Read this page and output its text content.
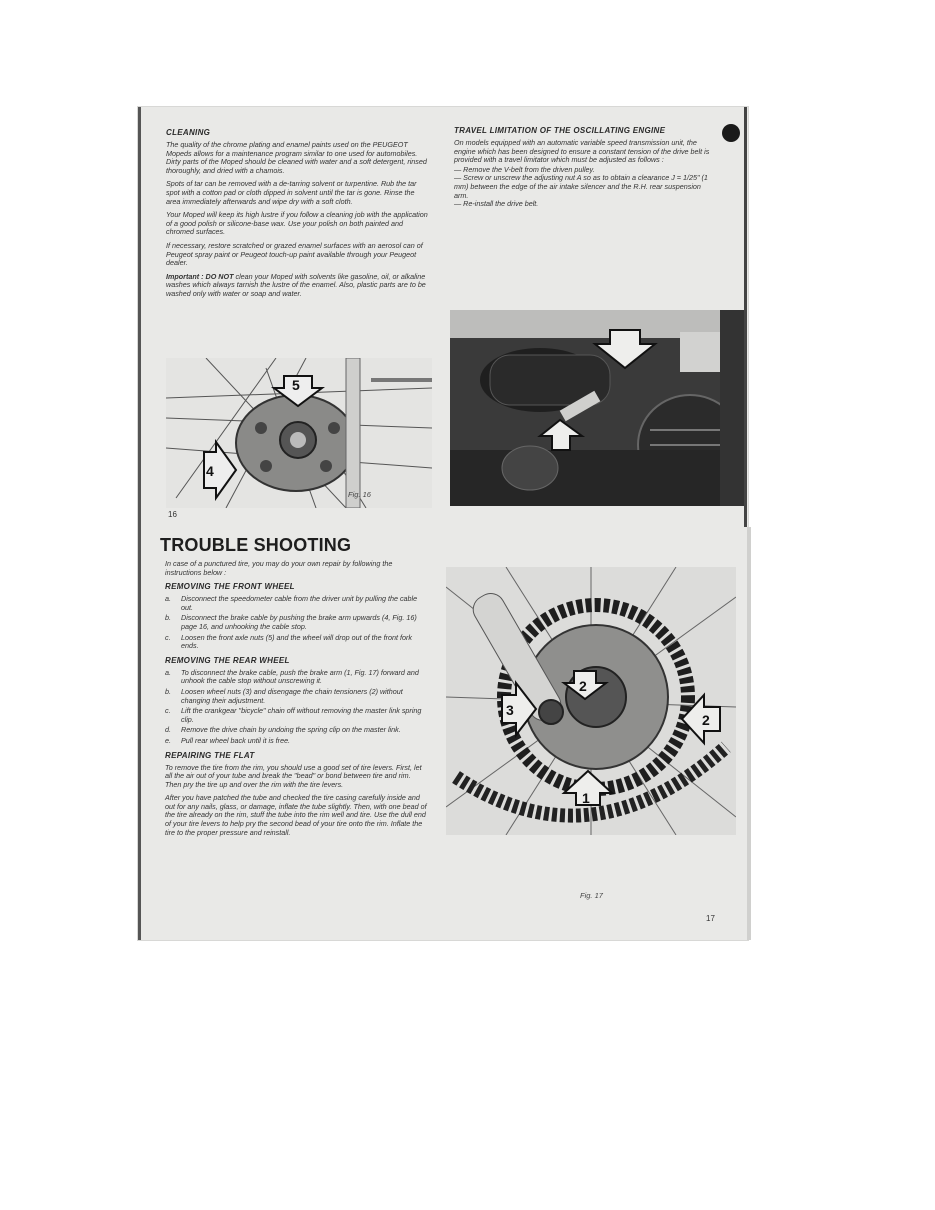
CLEANING

The quality of the chrome plating and enamel paints used on the PEUGEOT Mopeds allows for a maintenance program similar to one used for automobiles. Dirty parts of the Moped should be cleaned with water and a soft detergent, rinsed thoroughly, and dried with a chamois.

Spots of tar can be removed with a de-tarring solvent or turpentine. Rub the tar spot with a cotton pad or cloth dipped in solvent until the tar is gone. Rinse the area immediately afterwards and wipe dry with a soft cloth.

Your Moped will keep its high lustre if you follow a cleaning job with the application of a good polish or silicone-base wax. Use your polish on both painted and chromed surfaces.

If necessary, restore scratched or grazed enamel surfaces with an aerosol can of Peugeot spray paint or Peugeot touch-up paint available through your Peugeot dealer.

Important : DO NOT clean your Moped with solvents like gasoline, oil, or alkaline washes which always tarnish the lustre of the enamel. Also, plastic parts are to be washed only with water or soap and water.

5
4
Fig. 16
16
TRAVEL LIMITATION OF THE OSCILLATING ENGINE

On models equipped with an automatic variable speed transmission unit, the engine which has been designed to ensure a constant tension of the drive belt is provided with a travel limitator which must be adjusted as follows :

— Remove the V-belt from the driven pulley.

— Screw or unscrew the adjusting nut A so as to obtain a clearance J = 1/25" (1 mm) between the edge of the air intake silencer and the R.H. rear suspension arm.

— Re-install the drive belt.

TROUBLE SHOOTING

In case of a punctured tire, you may do your own repair by following the instructions below :

REMOVING THE FRONT WHEEL
a. Disconnect the speedometer cable from the driver unit by pulling the cable out.
b. Disconnect the brake cable by pushing the brake arm upwards (4, Fig. 16) page 16, and unhooking the cable stop.
c. Loosen the front axle nuts (5) and the wheel will drop out of the front fork ends.
REMOVING THE REAR WHEEL
a. To disconnect the brake cable, push the brake arm (1, Fig. 17) forward and unhook the cable stop without unscrewing it.
b. Loosen wheel nuts (3) and disengage the chain tensioners (2) without changing their adjustment.
c. Lift the crankgear "bicycle" chain off without removing the master link spring clip.
d. Remove the drive chain by undoing the spring clip on the master link.
e. Pull rear wheel back until it is free.
REPAIRING THE FLAT

To remove the tire from the rim, you should use a good set of tire levers. First, let all the air out of your tube and break the "bead" or bond between tire and rim. Then pry the tire up and over the rim with the tire levers.

After you have patched the tube and checked the tire casing carefully inside and out for any nails, glass, or damage, inflate the tube slightly. Then, with one bead of the tire already on the rim, stuff the tube into the rim well and tire. Use the dull end of your tire levers to help pry the second bead of your tire onto the rim. Inflate the tire to the proper pressure and reinstall.

2
3
2
1
Fig. 17
17
